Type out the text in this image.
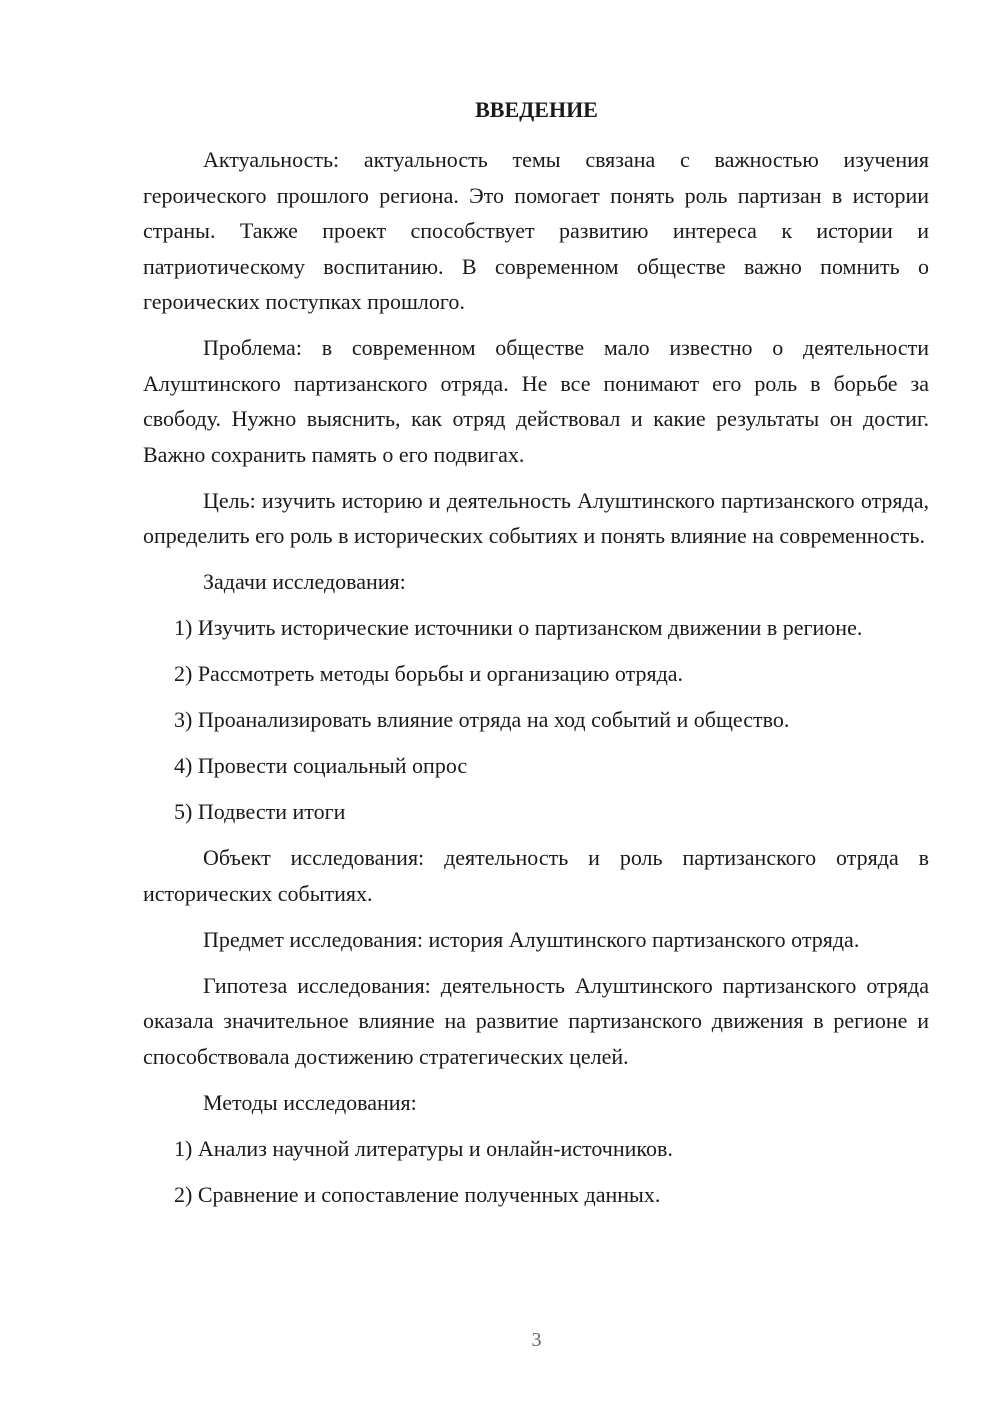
ВВЕДЕНИЕ

Актуальность: актуальность темы связана с важностью изучения героического прошлого региона. Это помогает понять роль партизан в истории страны. Также проект способствует развитию интереса к истории и патриотическому воспитанию. В современном обществе важно помнить о героических поступках прошлого.

Проблема: в современном обществе мало известно о деятельности Алуштинского партизанского отряда. Не все понимают его роль в борьбе за свободу. Нужно выяснить, как отряд действовал и какие результаты он достиг. Важно сохранить память о его подвигах.

Цель: изучить историю и деятельность Алуштинского партизанского отряда, определить его роль в исторических событиях и понять влияние на современность.

Задачи исследования:

1) Изучить исторические источники о партизанском движении в регионе.

2) Рассмотреть методы борьбы и организацию отряда.

3) Проанализировать влияние отряда на ход событий и общество.

4) Провести социальный опрос

5) Подвести итоги

Объект исследования: деятельность и роль партизанского отряда в исторических событиях.

Предмет исследования: история Алуштинского партизанского отряда.

Гипотеза исследования: деятельность Алуштинского партизанского отряда оказала значительное влияние на развитие партизанского движения в регионе и способствовала достижению стратегических целей.

Методы исследования:

1) Анализ научной литературы и онлайн-источников.

2) Сравнение и сопоставление полученных данных.

3
